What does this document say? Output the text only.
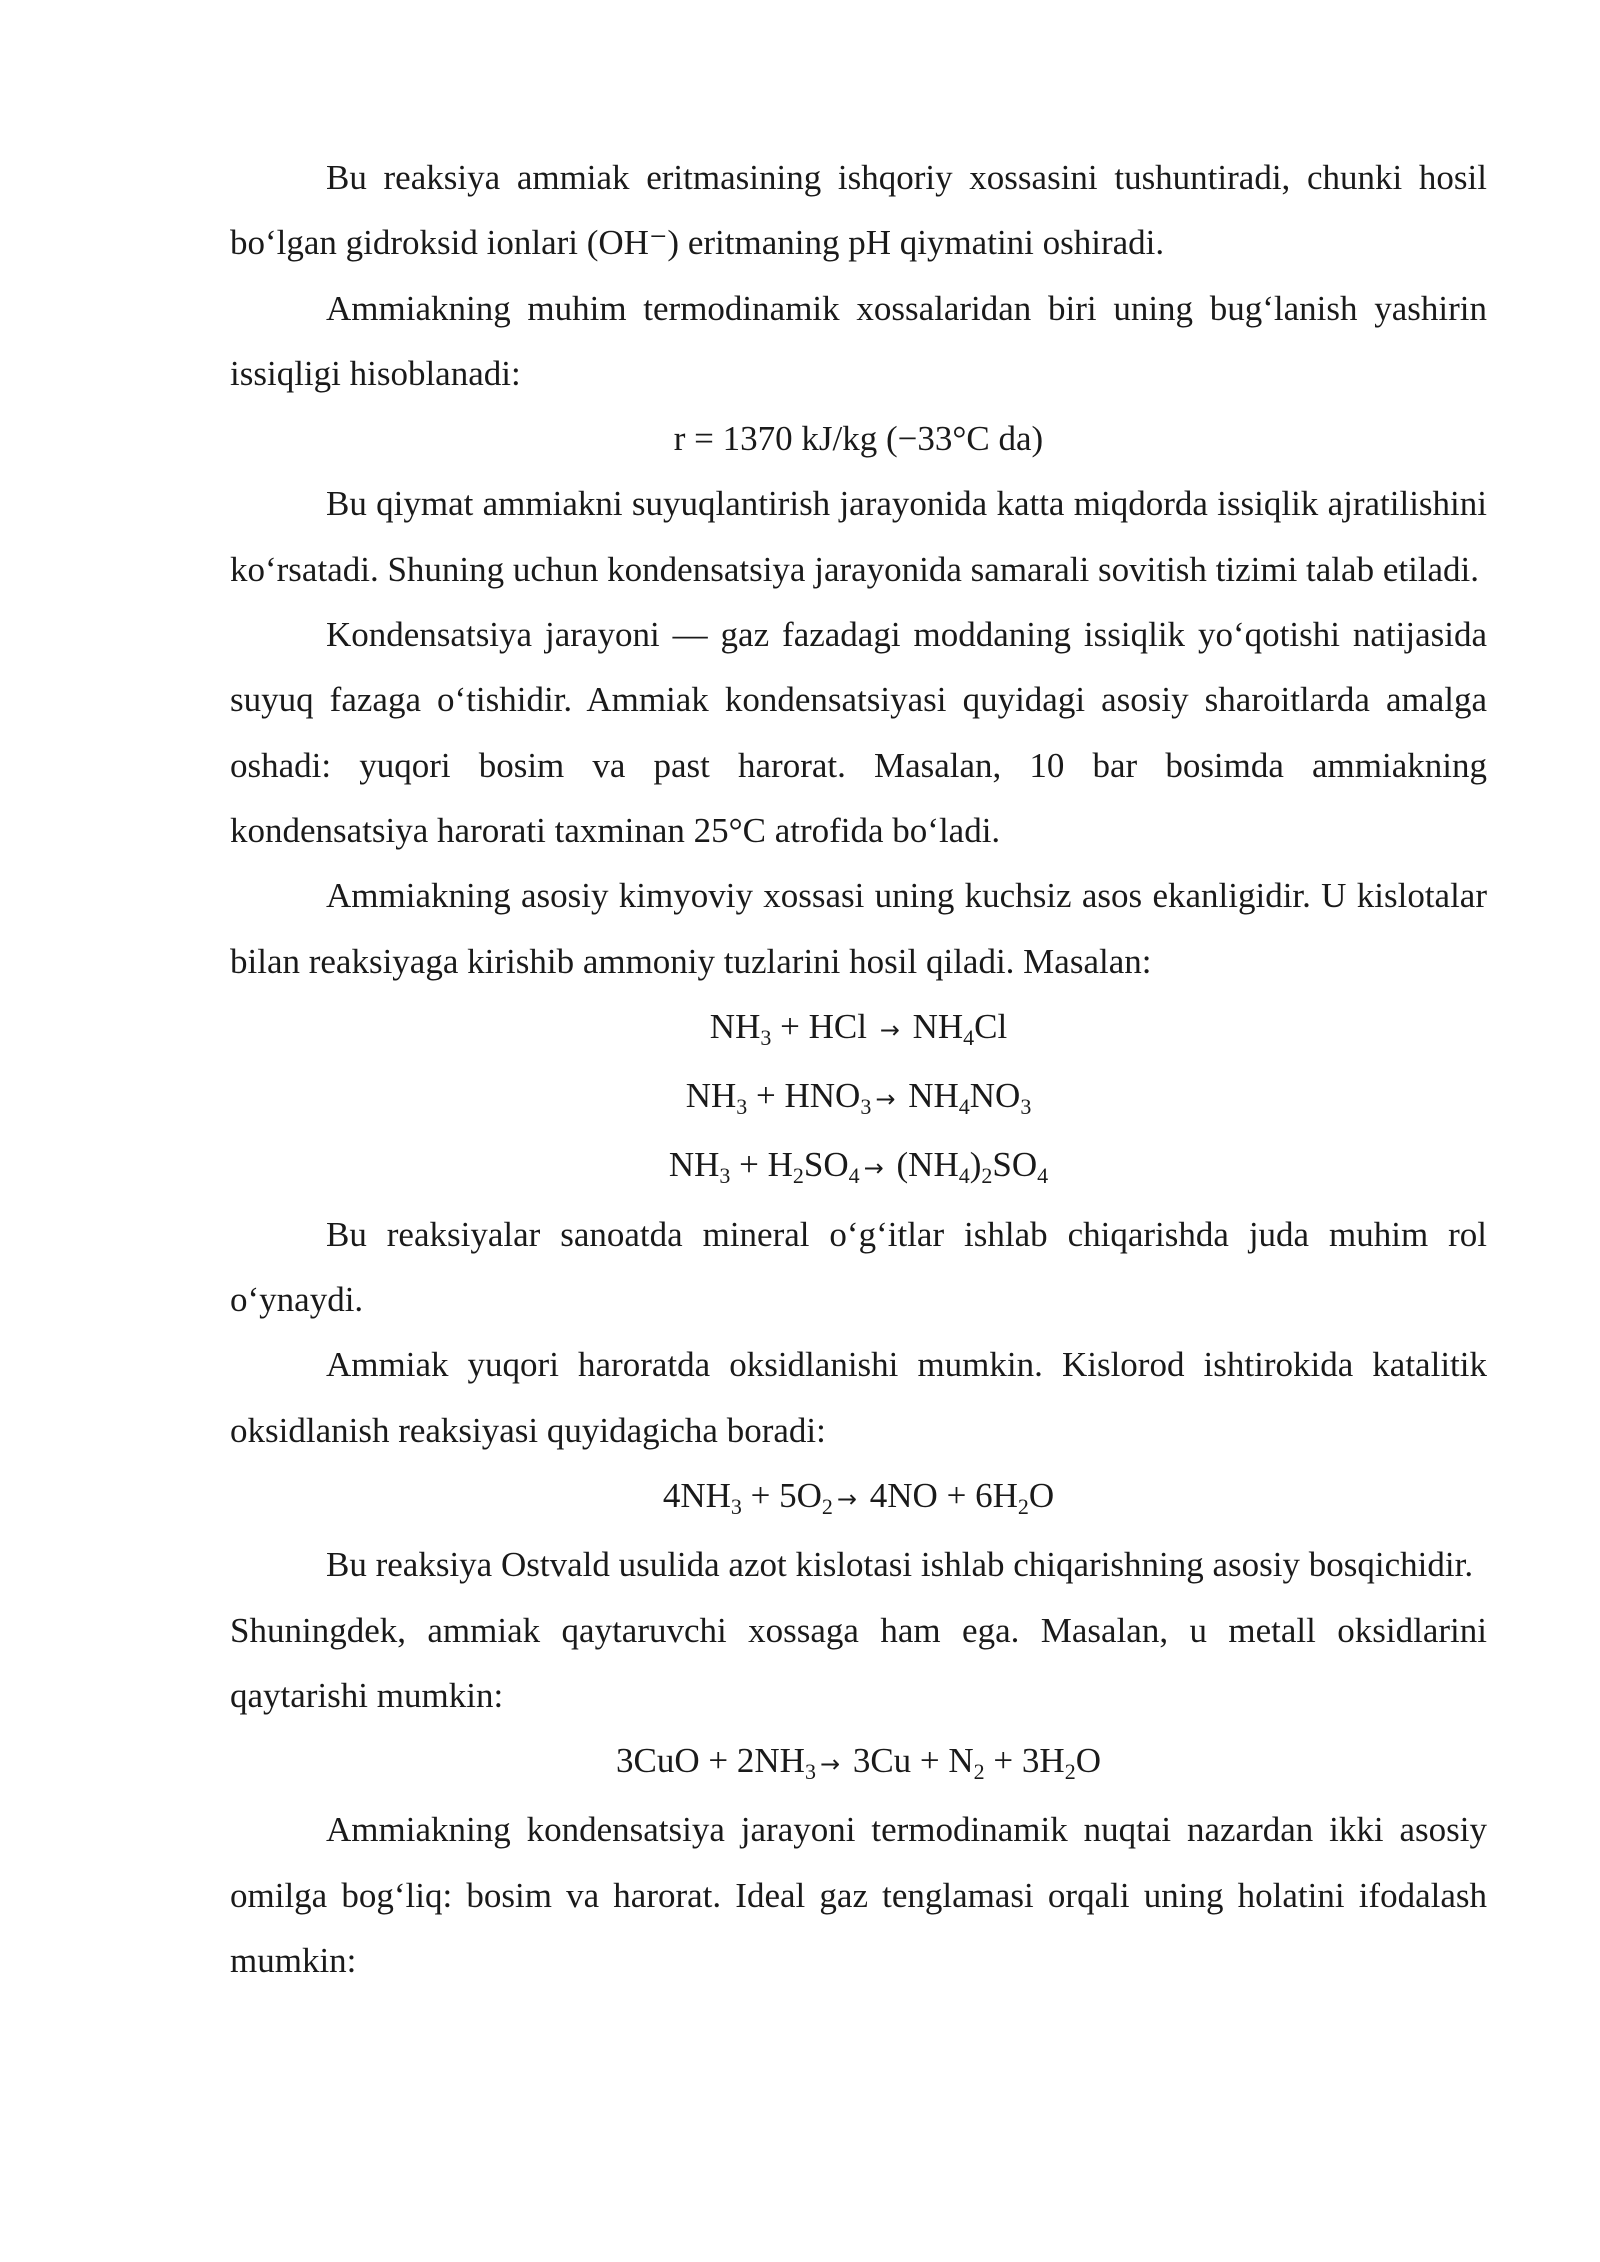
Bu reaksiya ammiak eritmasining ishqoriy xossasini tushuntiradi, chunki hosil bo‘lgan gidroksid ionlari (OH⁻) eritmaning pH qiymatini oshiradi.

Ammiakning muhim termodinamik xossalaridan biri uning bug‘lanish yashirin issiqligi hisoblanadi:

r = 1370 kJ/kg (−33°C da)

Bu qiymat ammiakni suyuqlantirish jarayonida katta miqdorda issiqlik ajratilishini ko‘rsatadi. Shuning uchun kondensatsiya jarayonida samarali sovitish tizimi talab etiladi.

Kondensatsiya jarayoni — gaz fazadagi moddaning issiqlik yo‘qotishi natijasida suyuq fazaga o‘tishidir. Ammiak kondensatsiyasi quyidagi asosiy sharoitlarda amalga oshadi: yuqori bosim va past harorat. Masalan, 10 bar bosimda ammiakning kondensatsiya harorati taxminan 25°C atrofida bo‘ladi.

Ammiakning asosiy kimyoviy xossasi uning kuchsiz asos ekanligidir. U kislotalar bilan reaksiyaga kirishib ammoniy tuzlarini hosil qiladi. Masalan:

$NH_3$ + HCl → $NH_4Cl$

$NH_3 + HNO_3 \to NH_4NO_3$

$NH_3 + H_2SO_4 \to (NH_4)_2SO_4$

Bu reaksiyalar sanoatda mineral o‘g‘itlar ishlab chiqarishda juda muhim rol o‘ynaydi.

Ammiak yuqori haroratda oksidlanishi mumkin. Kislorod ishtirokida katalitik oksidlanish reaksiyasi quyidagicha boradi:

$4NH_3 + 5O_2 \to 4NO + 6H_2O$

Bu reaksiya Ostvald usulida azot kislotasi ishlab chiqarishning asosiy bosqichidir.

Shuningdek, ammiak qaytaruvchi xossaga ham ega. Masalan, u metall oksidlarini qaytarishi mumkin:

$3CuO + 2NH_3 \to 3Cu + N_2 + 3H_2O$

Ammiakning kondensatsiya jarayoni termodinamik nuqtai nazardan ikki asosiy omilga bog‘liq: bosim va harorat. Ideal gaz tenglamasi orqali uning holatini ifodalash mumkin:
